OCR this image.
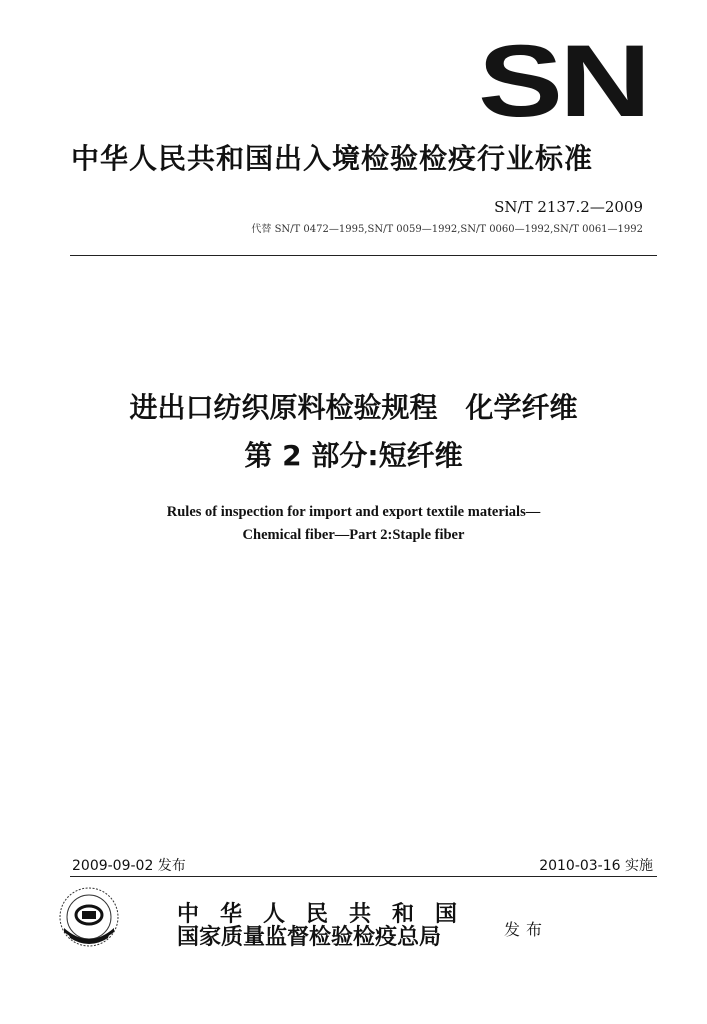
SN
中华人民共和国出入境检验检疫行业标准
SN/T 2137.2—2009
代替 SN/T 0472—1995,SN/T 0059—1992,SN/T 0060—1992,SN/T 0061—1992
进出口纺织原料检验规程　化学纤维
第 2 部分:短纤维
Rules of inspection for import and export textile materials—
Chemical fiber—Part 2:Staple fiber
2009-09-02 发布	2010-03-16 实施
中华人民共和国
国家质量监督检验检疫总局	发布
